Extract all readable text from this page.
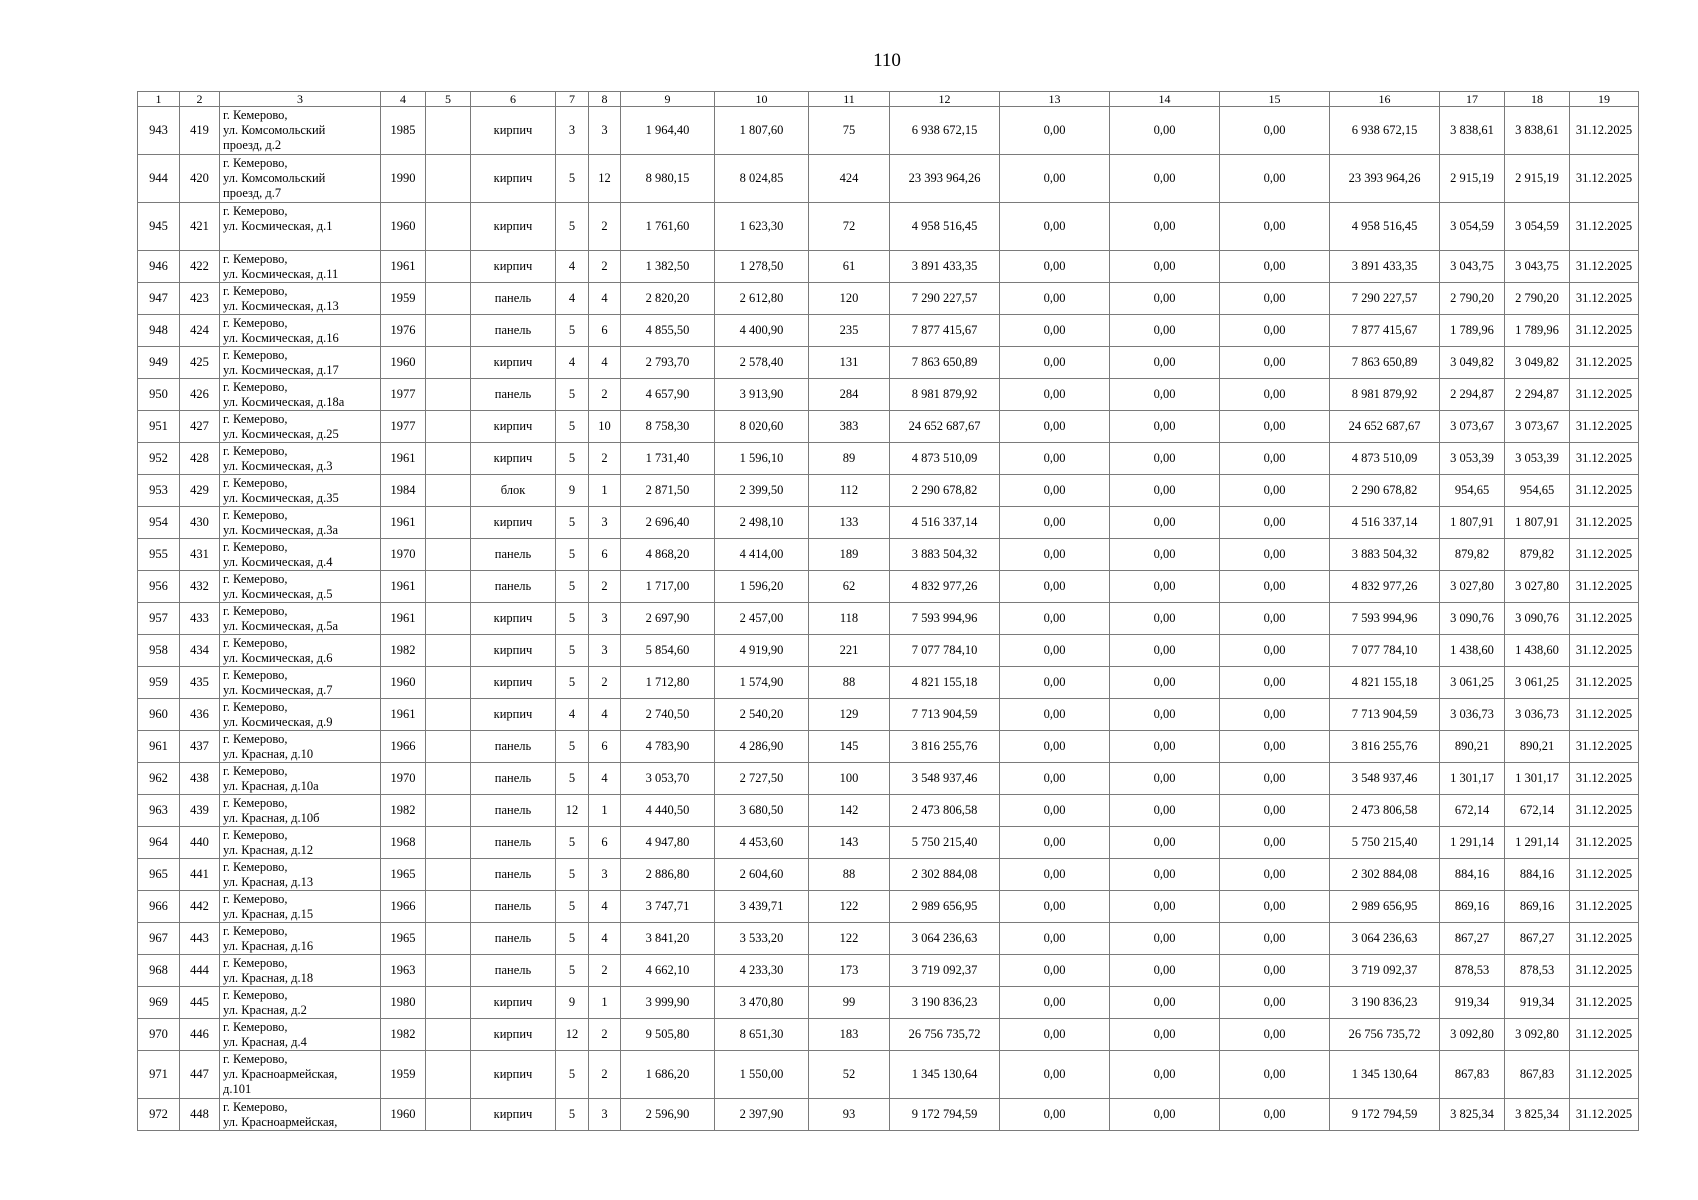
110
1	2	3	4	5	6	7	8	9	10	11	12	13	14	15	16	17	18	19
943	419	г. Кемерово,
ул. Комсомольский
проезд, д.2	1985		кирпич	3	3	1 964,40	1 807,60	75	6 938 672,15	0,00	0,00	0,00	6 938 672,15	3 838,61	3 838,61	31.12.2025
944	420	г. Кемерово,
ул. Комсомольский
проезд, д.7	1990		кирпич	5	12	8 980,15	8 024,85	424	23 393 964,26	0,00	0,00	0,00	23 393 964,26	2 915,19	2 915,19	31.12.2025
945	421	г. Кемерово,
ул. Космическая, д.1	1960		кирпич	5	2	1 761,60	1 623,30	72	4 958 516,45	0,00	0,00	0,00	4 958 516,45	3 054,59	3 054,59	31.12.2025
946	422	г. Кемерово,
ул. Космическая, д.11	1961		кирпич	4	2	1 382,50	1 278,50	61	3 891 433,35	0,00	0,00	0,00	3 891 433,35	3 043,75	3 043,75	31.12.2025
947	423	г. Кемерово,
ул. Космическая, д.13	1959		панель	4	4	2 820,20	2 612,80	120	7 290 227,57	0,00	0,00	0,00	7 290 227,57	2 790,20	2 790,20	31.12.2025
948	424	г. Кемерово,
ул. Космическая, д.16	1976		панель	5	6	4 855,50	4 400,90	235	7 877 415,67	0,00	0,00	0,00	7 877 415,67	1 789,96	1 789,96	31.12.2025
949	425	г. Кемерово,
ул. Космическая, д.17	1960		кирпич	4	4	2 793,70	2 578,40	131	7 863 650,89	0,00	0,00	0,00	7 863 650,89	3 049,82	3 049,82	31.12.2025
950	426	г. Кемерово,
ул. Космическая, д.18а	1977		панель	5	2	4 657,90	3 913,90	284	8 981 879,92	0,00	0,00	0,00	8 981 879,92	2 294,87	2 294,87	31.12.2025
951	427	г. Кемерово,
ул. Космическая, д.25	1977		кирпич	5	10	8 758,30	8 020,60	383	24 652 687,67	0,00	0,00	0,00	24 652 687,67	3 073,67	3 073,67	31.12.2025
952	428	г. Кемерово,
ул. Космическая, д.3	1961		кирпич	5	2	1 731,40	1 596,10	89	4 873 510,09	0,00	0,00	0,00	4 873 510,09	3 053,39	3 053,39	31.12.2025
953	429	г. Кемерово,
ул. Космическая, д.35	1984		блок	9	1	2 871,50	2 399,50	112	2 290 678,82	0,00	0,00	0,00	2 290 678,82	954,65	954,65	31.12.2025
954	430	г. Кемерово,
ул. Космическая, д.3а	1961		кирпич	5	3	2 696,40	2 498,10	133	4 516 337,14	0,00	0,00	0,00	4 516 337,14	1 807,91	1 807,91	31.12.2025
955	431	г. Кемерово,
ул. Космическая, д.4	1970		панель	5	6	4 868,20	4 414,00	189	3 883 504,32	0,00	0,00	0,00	3 883 504,32	879,82	879,82	31.12.2025
956	432	г. Кемерово,
ул. Космическая, д.5	1961		панель	5	2	1 717,00	1 596,20	62	4 832 977,26	0,00	0,00	0,00	4 832 977,26	3 027,80	3 027,80	31.12.2025
957	433	г. Кемерово,
ул. Космическая, д.5а	1961		кирпич	5	3	2 697,90	2 457,00	118	7 593 994,96	0,00	0,00	0,00	7 593 994,96	3 090,76	3 090,76	31.12.2025
958	434	г. Кемерово,
ул. Космическая, д.6	1982		кирпич	5	3	5 854,60	4 919,90	221	7 077 784,10	0,00	0,00	0,00	7 077 784,10	1 438,60	1 438,60	31.12.2025
959	435	г. Кемерово,
ул. Космическая, д.7	1960		кирпич	5	2	1 712,80	1 574,90	88	4 821 155,18	0,00	0,00	0,00	4 821 155,18	3 061,25	3 061,25	31.12.2025
960	436	г. Кемерово,
ул. Космическая, д.9	1961		кирпич	4	4	2 740,50	2 540,20	129	7 713 904,59	0,00	0,00	0,00	7 713 904,59	3 036,73	3 036,73	31.12.2025
961	437	г. Кемерово,
ул. Красная, д.10	1966		панель	5	6	4 783,90	4 286,90	145	3 816 255,76	0,00	0,00	0,00	3 816 255,76	890,21	890,21	31.12.2025
962	438	г. Кемерово,
ул. Красная, д.10а	1970		панель	5	4	3 053,70	2 727,50	100	3 548 937,46	0,00	0,00	0,00	3 548 937,46	1 301,17	1 301,17	31.12.2025
963	439	г. Кемерово,
ул. Красная, д.10б	1982		панель	12	1	4 440,50	3 680,50	142	2 473 806,58	0,00	0,00	0,00	2 473 806,58	672,14	672,14	31.12.2025
964	440	г. Кемерово,
ул. Красная, д.12	1968		панель	5	6	4 947,80	4 453,60	143	5 750 215,40	0,00	0,00	0,00	5 750 215,40	1 291,14	1 291,14	31.12.2025
965	441	г. Кемерово,
ул. Красная, д.13	1965		панель	5	3	2 886,80	2 604,60	88	2 302 884,08	0,00	0,00	0,00	2 302 884,08	884,16	884,16	31.12.2025
966	442	г. Кемерово,
ул. Красная, д.15	1966		панель	5	4	3 747,71	3 439,71	122	2 989 656,95	0,00	0,00	0,00	2 989 656,95	869,16	869,16	31.12.2025
967	443	г. Кемерово,
ул. Красная, д.16	1965		панель	5	4	3 841,20	3 533,20	122	3 064 236,63	0,00	0,00	0,00	3 064 236,63	867,27	867,27	31.12.2025
968	444	г. Кемерово,
ул. Красная, д.18	1963		панель	5	2	4 662,10	4 233,30	173	3 719 092,37	0,00	0,00	0,00	3 719 092,37	878,53	878,53	31.12.2025
969	445	г. Кемерово,
ул. Красная, д.2	1980		кирпич	9	1	3 999,90	3 470,80	99	3 190 836,23	0,00	0,00	0,00	3 190 836,23	919,34	919,34	31.12.2025
970	446	г. Кемерово,
ул. Красная, д.4	1982		кирпич	12	2	9 505,80	8 651,30	183	26 756 735,72	0,00	0,00	0,00	26 756 735,72	3 092,80	3 092,80	31.12.2025
971	447	г. Кемерово,
ул. Красноармейская,
д.101	1959		кирпич	5	2	1 686,20	1 550,00	52	1 345 130,64	0,00	0,00	0,00	1 345 130,64	867,83	867,83	31.12.2025
972	448	г. Кемерово,
ул. Красноармейская,	1960		кирпич	5	3	2 596,90	2 397,90	93	9 172 794,59	0,00	0,00	0,00	9 172 794,59	3 825,34	3 825,34	31.12.2025
